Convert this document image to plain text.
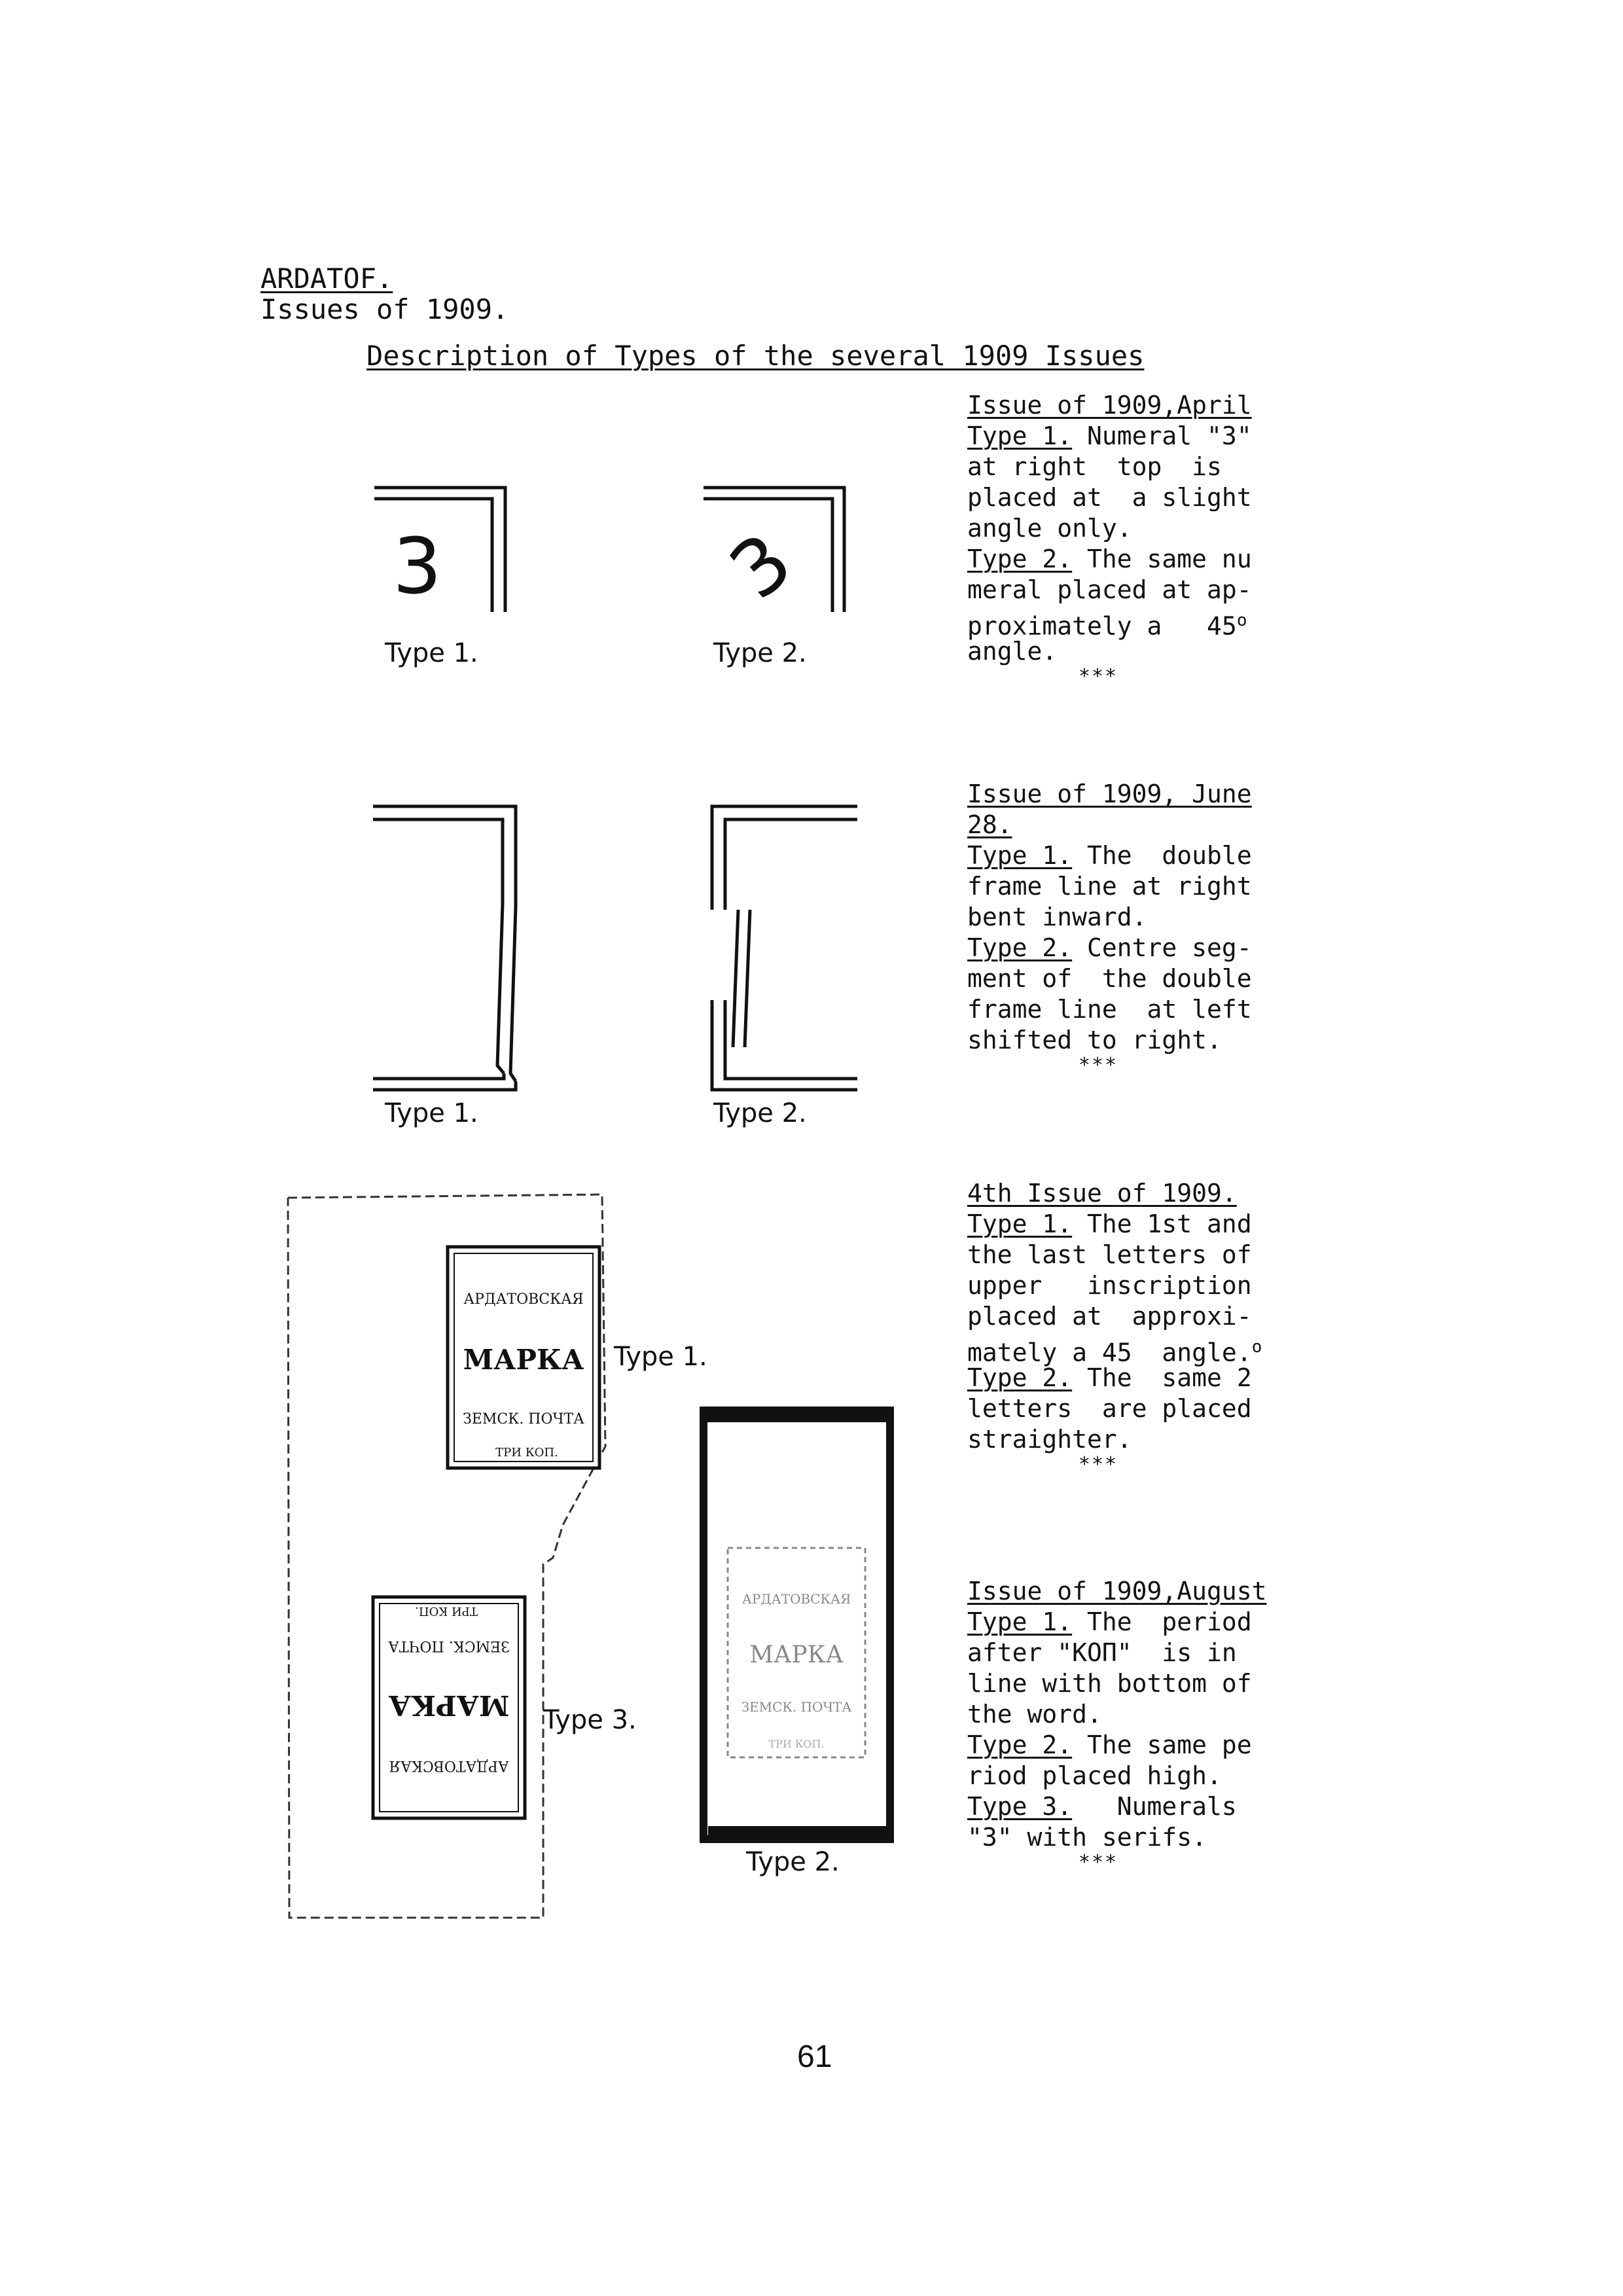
ARDATOF.
Issues of 1909.
Description of Types of the several 1909 Issues
Issue of 1909,April
Type 1. Numeral "3"
at right  top  is
placed at  a slight
angle only.
Type 2. The same nu
meral placed at ap-
proximately a   45$^o$
angle.
***
Issue of 1909, June
28.
Type 1. The  double
frame line at right
bent inward.
Type 2. Centre seg-
ment of  the double
frame line  at left
shifted to right.
***
4th Issue of 1909.
Type 1. The 1st and
the last letters of
upper   inscription
placed at  approxi-
mately a 45  angle.$^o$
Type 2. The  same 2
letters  are placed
straighter.
***
Issue of 1909,August
Type 1. The  period
after "КОП"  is in
line with bottom of
the word.
Type 2. The same pe
riod placed high.
Type 3.   Numerals
"3" with serifs.
***
МАРКА
АРДАТОВСКАЯ
ЗЕМСК. ПОЧТА
ТРИ КОП.
МАРКА
АРДАТОВСКАЯ
ЗЕМСК. ПОЧТА
ТРИ КОП.
МАРКА
АРДАТОВСКАЯ
ЗЕМСК. ПОЧТА
ТРИ КОП.
3	3
Type 1.	Type 2.
Type 1.	Type 2.
Type 1.
Type 2.
Type 3.
61
